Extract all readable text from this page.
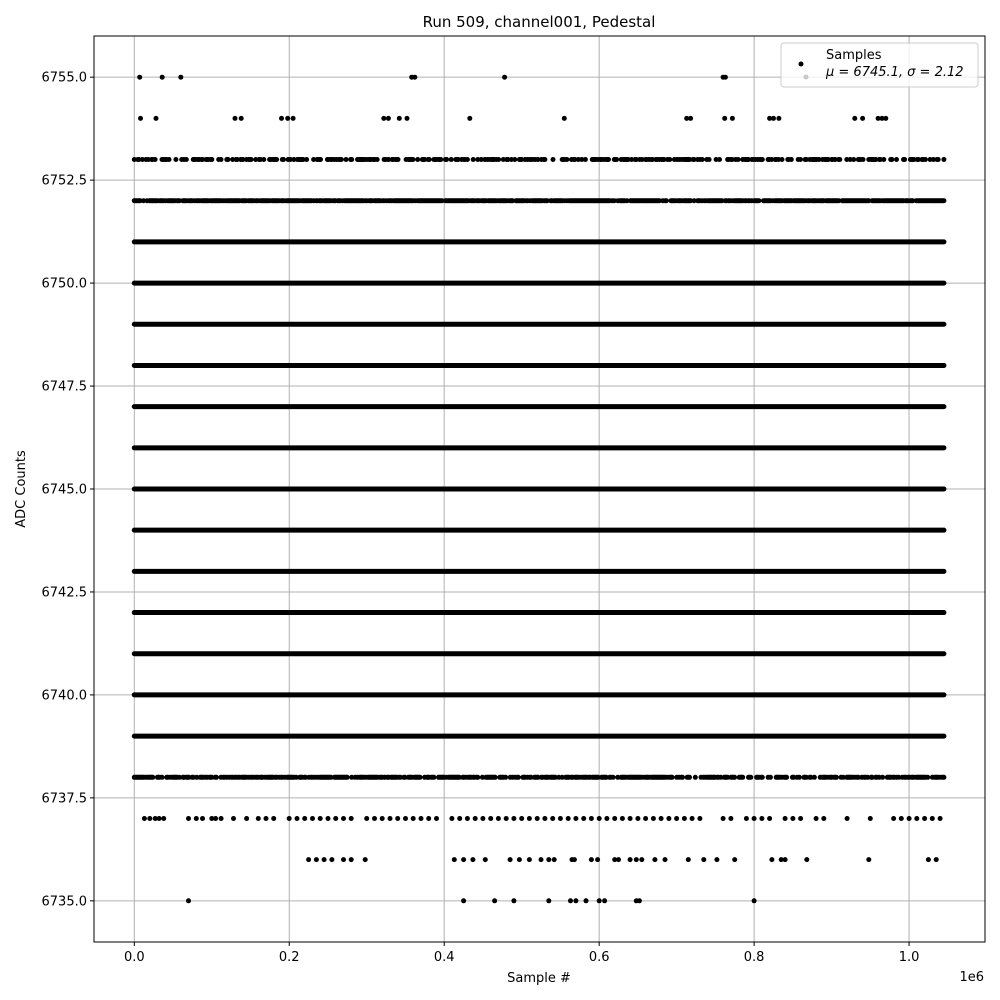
Run 509, channel001, Pedestal
0.0	0.2	0.4	0.6	0.8	1.0
6735.0
6737.5
6740.0
6742.5
6745.0
6747.5
6750.0
6752.5
6755.0
Sample #
ADC Counts
1e6
Samples
μ = 6745.1, σ = 2.12
